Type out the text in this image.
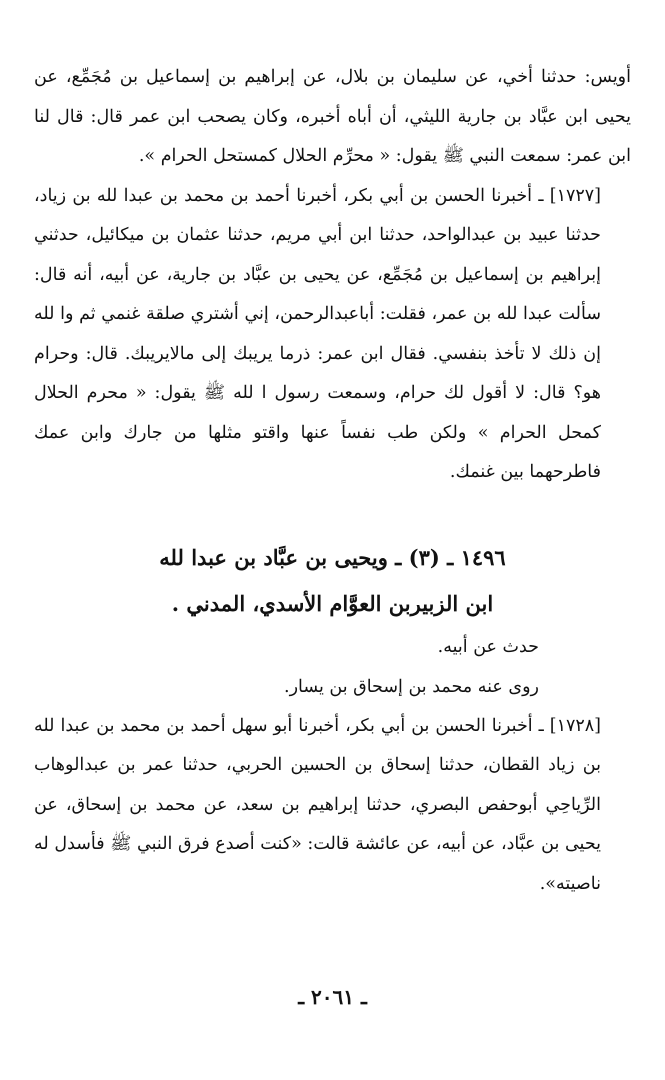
أويس: حدثنا أخي، عن سليمان بن بلال، عن إبراهيم بن إسماعيل بن مُجَمِّع، عن يحيى ابن عبَّاد بن جارية الليثي، أن أباه أخبره، وكان يصحب ابن عمر قال: قال لنا ابن عمر: سمعت النبي ﷺ يقول: « محرِّم الحلال كمستحل الحرام ».

[١٧٢٧] ـ أخبرنا الحسن بن أبي بكر، أخبرنا أحمد بن محمد بن عبدا لله بن زياد، حدثنا عبيد بن عبدالواحد، حدثنا ابن أبي مريم، حدثنا عثمان بن ميكائيل، حدثني إبراهيم بن إسماعيل بن مُجَمِّع، عن يحيى بن عبَّاد بن جارية، عن أبيه، أنه قال: سألت عبدا لله بن عمر، فقلت: أباعبدالرحمن، إني أشتري صلقة غنمي ثم وا لله إن ذلك لا تأخذ بنفسي. فقال ابن عمر: ذرما يريبك إلى مالايريبك. قال: وحرام هو؟ قال: لا أقول لك حرام، وسمعت رسول ا لله ﷺ يقول: « محرم الحلال كمحل الحرام » ولكن طب نفساً عنها واقتو مثلها من جارك وابن عمك فاطرحهما بين غنمك.

١٤٩٦ ـ (٣) ـ ويحيى بن عبَّاد بن عبدا لله
ابن الزبيربن العوَّام الأسدي، المدني .

حدث عن أبيه.

روى عنه محمد بن إسحاق بن يسار.

[١٧٢٨] ـ أخبرنا الحسن بن أبي بكر، أخبرنا أبو سهل أحمد بن محمد بن عبدا لله بن زياد القطان، حدثنا إسحاق بن الحسين الحربي، حدثنا عمر بن عبدالوهاب الرِّياحِي أبوحفص البصري، حدثنا إبراهيم بن سعد، عن محمد بن إسحاق، عن يحيى بن عبَّاد، عن أبيه، عن عائشة قالت: «كنت أصدع فرق النبي ﷺ فأسدل له ناصيته».

ـ ٢٠٦١ ـ
